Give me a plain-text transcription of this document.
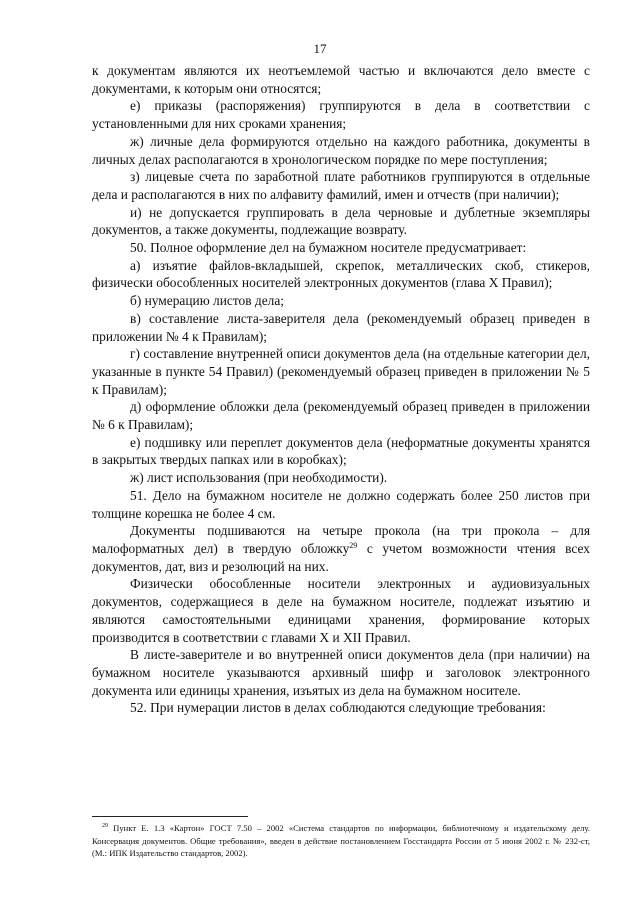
17

к документам являются их неотъемлемой частью и включаются дело вместе с документами, к которым они относятся;

е) приказы (распоряжения) группируются в дела в соответствии с установленными для них сроками хранения;

ж) личные дела формируются отдельно на каждого работника, документы в личных делах располагаются в хронологическом порядке по мере поступления;

з) лицевые счета по заработной плате работников группируются в отдельные дела и располагаются в них по алфавиту фамилий, имен и отчеств (при наличии);

и) не допускается группировать в дела черновые и дублетные экземпляры документов, а также документы, подлежащие возврату.

50. Полное оформление дел на бумажном носителе предусматривает:

а) изъятие файлов-вкладышей, скрепок, металлических скоб, стикеров, физически обособленных носителей электронных документов (глава X Правил);

б) нумерацию листов дела;

в) составление листа-заверителя дела (рекомендуемый образец приведен в приложении № 4 к Правилам);

г) составление внутренней описи документов дела (на отдельные категории дел, указанные в пункте 54 Правил) (рекомендуемый образец приведен в приложении № 5 к Правилам);

д) оформление обложки дела (рекомендуемый образец приведен в приложении № 6 к Правилам);

е) подшивку или переплет документов дела (неформатные документы хранятся в закрытых твердых папках или в коробках);

ж) лист использования (при необходимости).

51. Дело на бумажном носителе не должно содержать более 250 листов при толщине корешка не более 4 см.

Документы подшиваются на четыре прокола (на три прокола – для малоформатных дел) в твердую обложку$^{29}$ с учетом возможности чтения всех документов, дат, виз и резолюций на них.

Физически обособленные носители электронных и аудиовизуальных документов, содержащиеся в деле на бумажном носителе, подлежат изъятию и являются самостоятельными единицами хранения, формирование которых производится в соответствии с главами X и XII Правил.

В листе-заверителе и во внутренней описи документов дела (при наличии) на бумажном носителе указываются архивный шифр и заголовок электронного документа или единицы хранения, изъятых из дела на бумажном носителе.

52. При нумерации листов в делах соблюдаются следующие требования:

$^{29}$ Пункт Е. 1.3 «Картон» ГОСТ 7.50 – 2002 «Система стандартов по информации, библиотечному и издательскому делу. Консервация документов. Общие требования», введен в действие постановлением Госстандарта России от 5 июня 2002 г. № 232-ст, (М.: ИПК Издательство стандартов, 2002).
